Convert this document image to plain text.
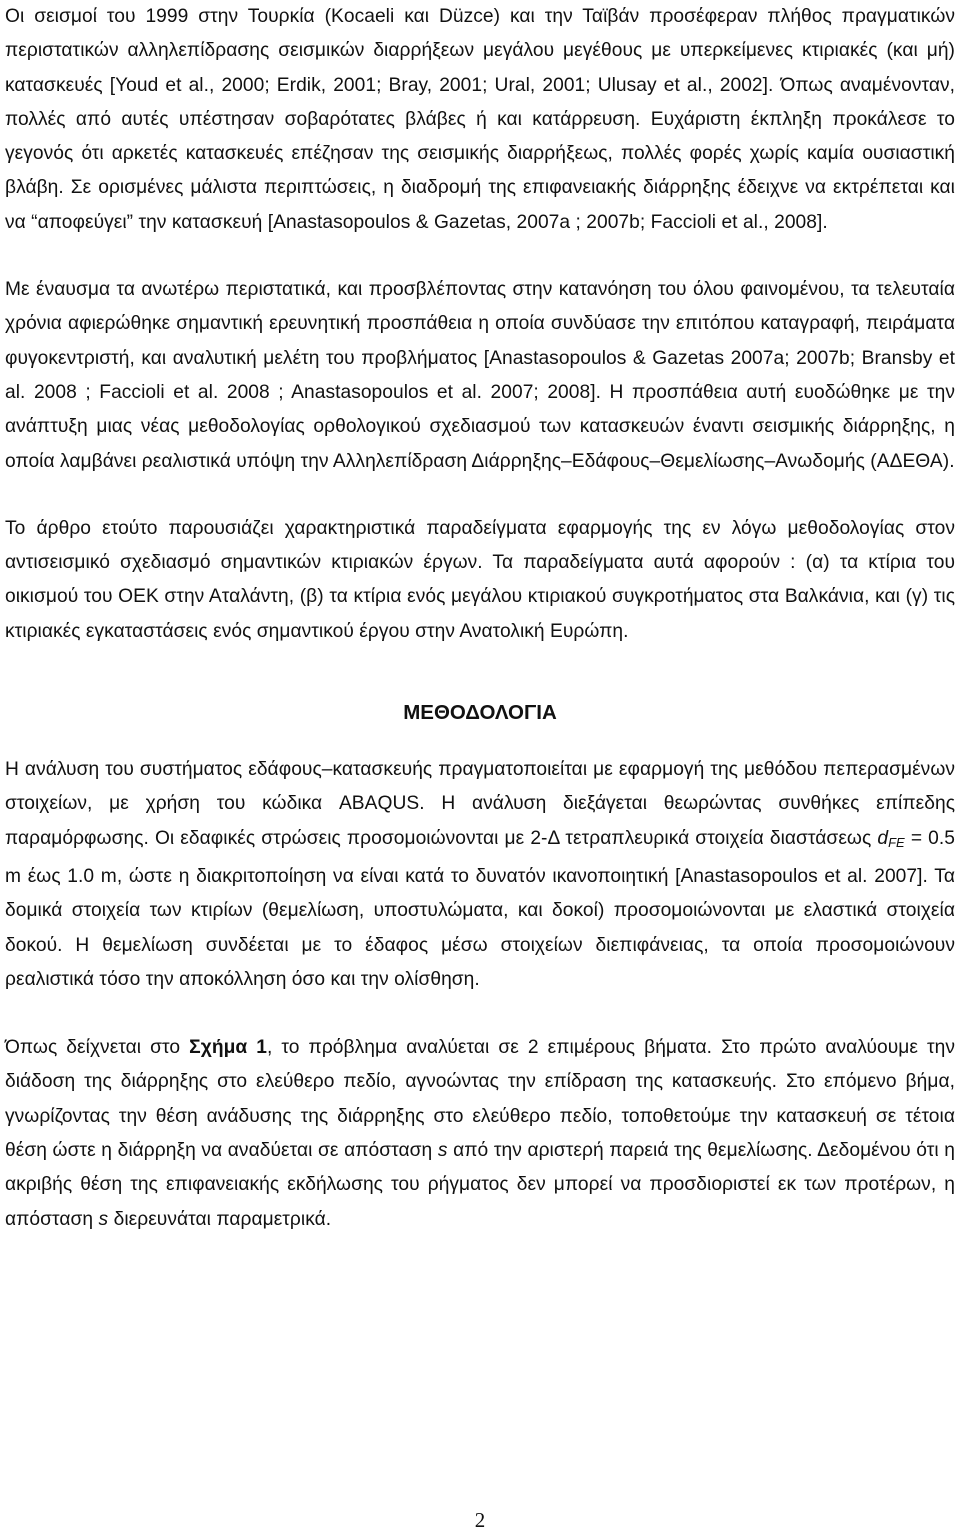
Οι σεισμοί του 1999 στην Τουρκία (Kocaeli και Düzce) και την Ταϊβάν προσέφεραν πλήθος πραγματικών περιστατικών αλληλεπίδρασης σεισμικών διαρρήξεων μεγάλου μεγέθους με υπερκείμενες κτιριακές (και μή) κατασκευές [Youd et al., 2000; Erdik, 2001; Bray, 2001; Ural, 2001; Ulusay et al., 2002]. Όπως αναμένονταν, πολλές από αυτές υπέστησαν σοβαρότατες βλάβες ή και κατάρρευση. Ευχάριστη έκπληξη προκάλεσε το γεγονός ότι αρκετές κατασκευές επέζησαν της σεισμικής διαρρήξεως, πολλές φορές χωρίς καμία ουσιαστική βλάβη. Σε ορισμένες μάλιστα περιπτώσεις, η διαδρομή της επιφανειακής διάρρηξης έδειχνε να εκτρέπεται και να “αποφεύγει” την κατασκευή [Anastasopoulos & Gazetas, 2007a ; 2007b; Faccioli et al., 2008].

Με έναυσμα τα ανωτέρω περιστατικά, και προσβλέποντας στην κατανόηση του όλου φαινομένου, τα τελευταία χρόνια αφιερώθηκε σημαντική ερευνητική προσπάθεια η οποία συνδύασε την επιτόπου καταγραφή, πειράματα φυγοκεντριστή, και αναλυτική μελέτη του προβλήματος [Anastasopoulos & Gazetas 2007a; 2007b; Bransby et al. 2008 ; Faccioli et al. 2008 ; Anastasopoulos et al. 2007; 2008]. Η προσπάθεια αυτή ευοδώθηκε με την ανάπτυξη μιας νέας μεθοδολογίας ορθολογικού σχεδιασμού των κατασκευών έναντι σεισμικής διάρρηξης, η οποία λαμβάνει ρεαλιστικά υπόψη την Αλληλεπίδραση Διάρρηξης–Εδάφους–Θεμελίωσης–Ανωδομής (ΑΔΕΘΑ).

Το άρθρο ετούτο παρουσιάζει χαρακτηριστικά παραδείγματα εφαρμογής της εν λόγω μεθοδολογίας στον αντισεισμικό σχεδιασμό σημαντικών κτιριακών έργων. Τα παραδείγματα αυτά αφορούν : (α) τα κτίρια του οικισμού του ΟΕΚ στην Αταλάντη, (β) τα κτίρια ενός μεγάλου κτιριακού συγκροτήματος στα Βαλκάνια, και (γ) τις κτιριακές εγκαταστάσεις ενός σημαντικού έργου στην Ανατολική Ευρώπη.

ΜΕΘΟΔΟΛΟΓΙΑ

Η ανάλυση του συστήματος εδάφους–κατασκευής πραγματοποιείται με εφαρμογή της μεθόδου πεπερασμένων στοιχείων, με χρήση του κώδικα ABAQUS. Η ανάλυση διεξάγεται θεωρώντας συνθήκες επίπεδης παραμόρφωσης. Οι εδαφικές στρώσεις προσομοιώνονται με 2-Δ τετραπλευρικά στοιχεία διαστάσεως $d_{FE} = 0.5$ m έως 1.0 m, ώστε η διακριτοποίηση να είναι κατά το δυνατόν ικανοποιητική [Anastasopoulos et al. 2007]. Τα δομικά στοιχεία των κτιρίων (θεμελίωση, υποστυλώματα, και δοκοί) προσομοιώνονται με ελαστικά στοιχεία δοκού. Η θεμελίωση συνδέεται με το έδαφος μέσω στοιχείων διεπιφάνειας, τα οποία προσομοιώνουν ρεαλιστικά τόσο την αποκόλληση όσο και την ολίσθηση.

Όπως δείχνεται στο Σχήμα 1, το πρόβλημα αναλύεται σε 2 επιμέρους βήματα. Στο πρώτο αναλύουμε την διάδοση της διάρρηξης στο ελεύθερο πεδίο, αγνοώντας την επίδραση της κατασκευής. Στο επόμενο βήμα, γνωρίζοντας την θέση ανάδυσης της διάρρηξης στο ελεύθερο πεδίο, τοποθετούμε την κατασκευή σε τέτοια θέση ώστε η διάρρηξη να αναδύεται σε απόσταση s από την αριστερή παρειά της θεμελίωσης. Δεδομένου ότι η ακριβής θέση της επιφανειακής εκδήλωσης του ρήγματος δεν μπορεί να προσδιοριστεί εκ των προτέρων, η απόσταση s διερευνάται παραμετρικά.

2
